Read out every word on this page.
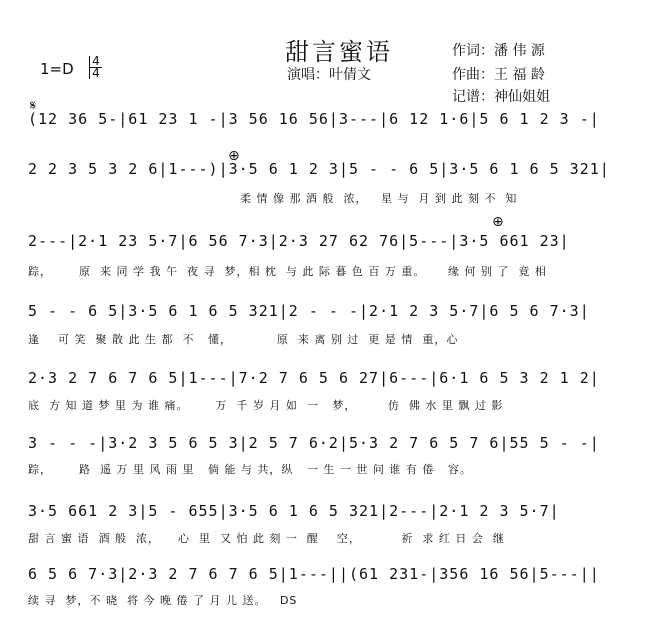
甜言蜜语	作词：潘 伟 源
演唱：叶倩文	作曲：王 福 龄
记谱：神仙姐姐
1=D 4
4
𝄋
⊕
⊕
(12 36 5-|61 23 1 -|3 56 16 56|3---|6 12 1·6|5 6 1 2 3 -|
2 2 3 5 3 2 6|1---)|3·5 6 1 2 3|5 - - 6 5|3·5 6 1 6 5 321|
柔 情 像 那 酒 般  浓，   星 与  月 到 此 刻 不  知
2---|2·1 23 5·7|6 56 7·3|2·3 27 62 76|5---|3·5 661 23|
踪，      原  来 同 学 我 午  夜 寻  梦，相 枕  与 此 际 暮 色 百 万 重。     缘 何 别 了  竟 相
5 - - 6 5|3·5 6 1 6 5 321|2 - - -|2·1 2 3 5·7|6 5 6 7·3|
逢    可 笑  聚 散 此 生 都  不   懂，          原  来 离 别 过  更 是 情  重，心
2·3 2 7 6 7 6 5|1---|7·2 7 6 5 6 27|6---|6·1 6 5 3 2 1 2|
底  方 知 道 梦 里 为 谁 痛。      万  千 岁 月 如  一   梦，       仿  佛 水 里 飘 过 影
3 - - -|3·2 3 5 6 5 3|2 5 7 6·2|5·3 2 7 6 5 7 6|55 5 - -|
踪，      路  遥 万 里 风 雨 里   倘 能 与 共，纵   一 生 一 世 问 谁 有 倦   容。
3·5 661 2 3|5 - 655|3·5 6 1 6 5 321|2---|2·1 2 3 5·7|
甜 言 蜜 语  酒 般  浓，    心  里  又 怕 此 刻 一  醒    空，         祈  求 红 日 会  继
6 5 6 7·3|2·3 2 7 6 7 6 5|1---||(61 231-|356 16 56|5---||
续 寻  梦，不 晓  将 今 晚 倦 了 月 儿 送。   DS
